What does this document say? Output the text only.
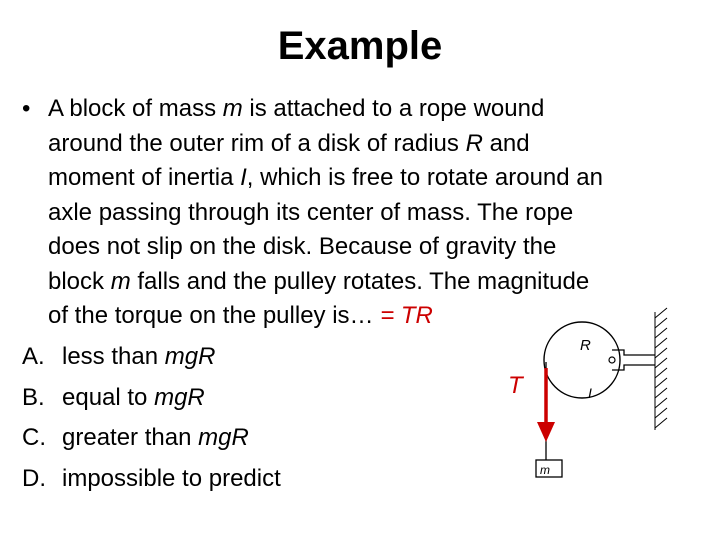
Example
• A block of mass m is attached to a rope wound
around the outer rim of a disk of radius R and
moment of inertia I, which is free to rotate around an
axle passing through its center of mass. The rope
does not slip on the disk. Because of gravity the
block m falls and the pulley rotates. The magnitude
of the torque on the pulley is… = TR
A. less than mgR
B. equal to mgR
C. greater than mgR
D. impossible to predict
T
R
I
m
